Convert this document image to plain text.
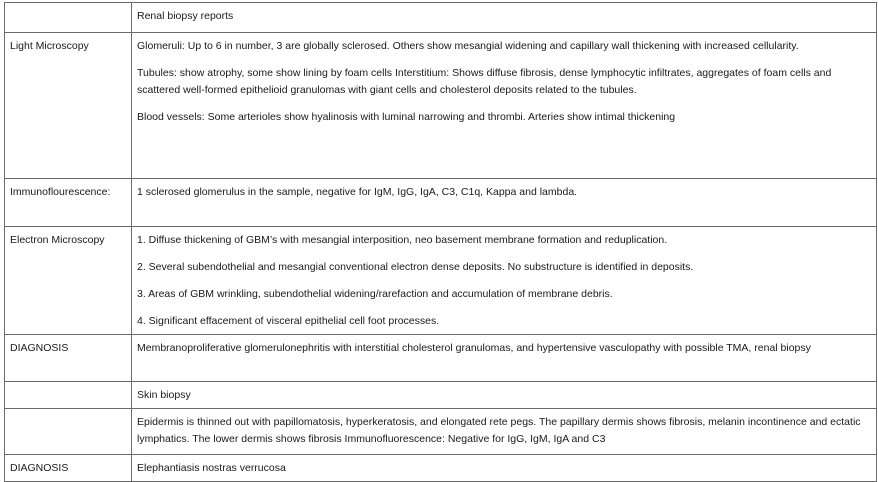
	Renal biopsy reports
Light Microscopy	Glomeruli: Up to 6 in number, 3 are globally sclerosed. Others show mesangial widening and capillary wall thickening with increased cellularity.

Tubules: show atrophy, some show lining by foam cells Interstitium: Shows diffuse fibrosis, dense lymphocytic infiltrates, aggregates of foam cells and scattered well-formed epithelioid granulomas with giant cells and cholesterol deposits related to the tubules.

Blood vessels: Some arterioles show hyalinosis with luminal narrowing and thrombi. Arteries show intimal thickening

Immunoflourescence:	1 sclerosed glomerulus in the sample, negative for IgM, IgG, IgA, C3, C1q, Kappa and lambda.
Electron Microscopy	1. Diffuse thickening of GBM’s with mesangial interposition, neo basement membrane formation and reduplication.

2. Several subendothelial and mesangial conventional electron dense deposits. No substructure is identified in deposits.

3. Areas of GBM wrinkling, subendothelial widening/rarefaction and accumulation of membrane debris.

4. Significant effacement of visceral epithelial cell foot processes.

DIAGNOSIS	Membranoproliferative glomerulonephritis with interstitial cholesterol granulomas, and hypertensive vasculopathy with possible TMA, renal biopsy
	Skin biopsy
	Epidermis is thinned out with papillomatosis, hyperkeratosis, and elongated rete pegs. The papillary dermis shows fibrosis, melanin incontinence and ectatic lymphatics. The lower dermis shows fibrosis Immunofluorescence: Negative for IgG, IgM, IgA and C3
DIAGNOSIS	Elephantiasis nostras verrucosa
